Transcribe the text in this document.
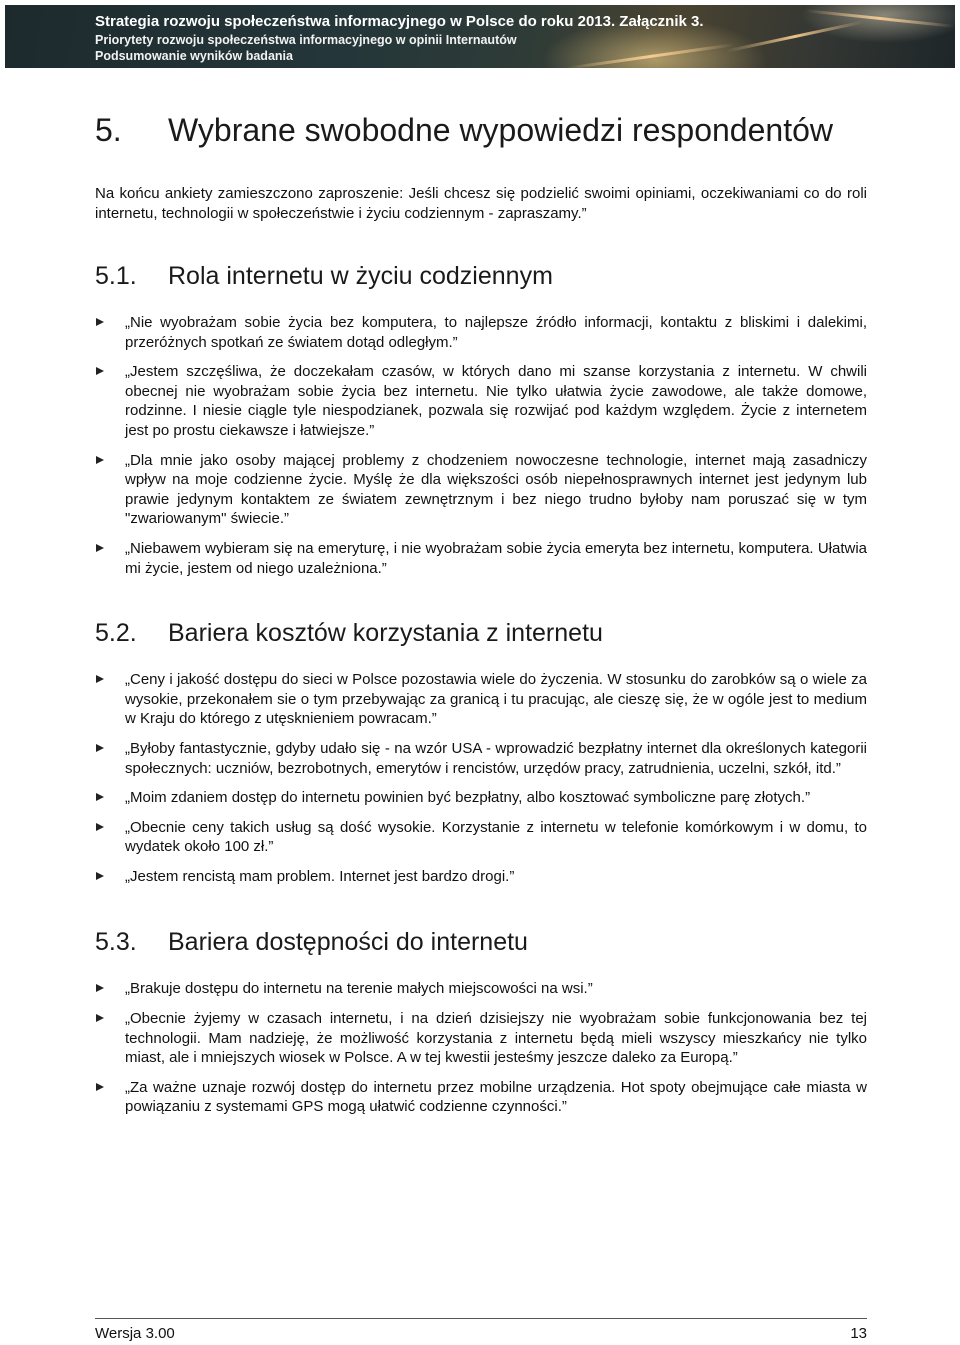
Strategia rozwoju społeczeństwa informacyjnego w Polsce do roku 2013. Załącznik 3.

Priorytety rozwoju społeczeństwa informacyjnego w opinii Internautów

Podsumowanie wyników badania

5.	Wybrane swobodne wypowiedzi respondentów

Na końcu ankiety zamieszczono zaproszenie: Jeśli chcesz się podzielić swoimi opiniami, oczekiwaniami co do roli internetu, technologii w społeczeństwie i życiu codziennym - zapraszamy.”

5.1.	Rola internetu w życiu codziennym
„Nie wyobrażam sobie życia bez komputera, to najlepsze źródło informacji, kontaktu z bliskimi i dalekimi, przeróżnych spotkań ze światem dotąd odległym.”
„Jestem szczęśliwa, że doczekałam czasów, w których dano mi szanse korzystania z internetu. W chwili obecnej nie wyobrażam sobie życia bez internetu. Nie tylko ułatwia życie zawodowe, ale także domowe, rodzinne. I niesie ciągle tyle niespodzianek, pozwala się rozwijać pod każdym względem. Życie z internetem jest po prostu ciekawsze i łatwiejsze.”
„Dla mnie jako osoby mającej problemy z chodzeniem nowoczesne technologie, internet mają zasadniczy wpływ na moje codzienne życie. Myślę że dla większości osób niepełnosprawnych internet jest jedynym lub prawie jedynym kontaktem ze światem zewnętrznym i bez niego trudno byłoby nam poruszać się w tym "zwariowanym" świecie.”
„Niebawem wybieram się na emeryturę, i nie wyobrażam sobie życia emeryta bez internetu, komputera. Ułatwia mi życie, jestem od niego uzależniona.”
5.2.	Bariera kosztów korzystania z internetu
„Ceny i jakość dostępu do sieci w Polsce pozostawia wiele do życzenia. W stosunku do zarobków są o wiele za wysokie, przekonałem sie o tym przebywając za granicą i tu pracując, ale cieszę się, że w ogóle jest to medium w Kraju do którego z utęsknieniem powracam.”
„Byłoby fantastycznie, gdyby udało się - na wzór USA - wprowadzić bezpłatny internet dla określonych kategorii społecznych: uczniów, bezrobotnych, emerytów i rencistów, urzędów pracy, zatrudnienia, uczelni, szkół, itd.”
„Moim zdaniem dostęp do internetu powinien być bezpłatny, albo kosztować symboliczne parę złotych.”
„Obecnie ceny takich usług są dość wysokie. Korzystanie z internetu w telefonie komórkowym i w domu, to wydatek około 100 zł.”
„Jestem rencistą mam problem. Internet jest bardzo drogi.”
5.3.	Bariera dostępności do internetu
„Brakuje dostępu do internetu na terenie małych miejscowości na wsi.”
„Obecnie żyjemy w czasach internetu, i na dzień dzisiejszy nie wyobrażam sobie funkcjonowania bez tej technologii. Mam nadzieję, że możliwość korzystania z internetu będą mieli wszyscy mieszkańcy nie tylko miast, ale i mniejszych wiosek w Polsce. A w tej kwestii jesteśmy jeszcze daleko za Europą.”
„Za ważne uznaje rozwój dostęp do internetu przez mobilne urządzenia. Hot spoty obejmujące całe miasta w powiązaniu z systemami GPS mogą ułatwić codzienne czynności.”
Wersja 3.00	13
